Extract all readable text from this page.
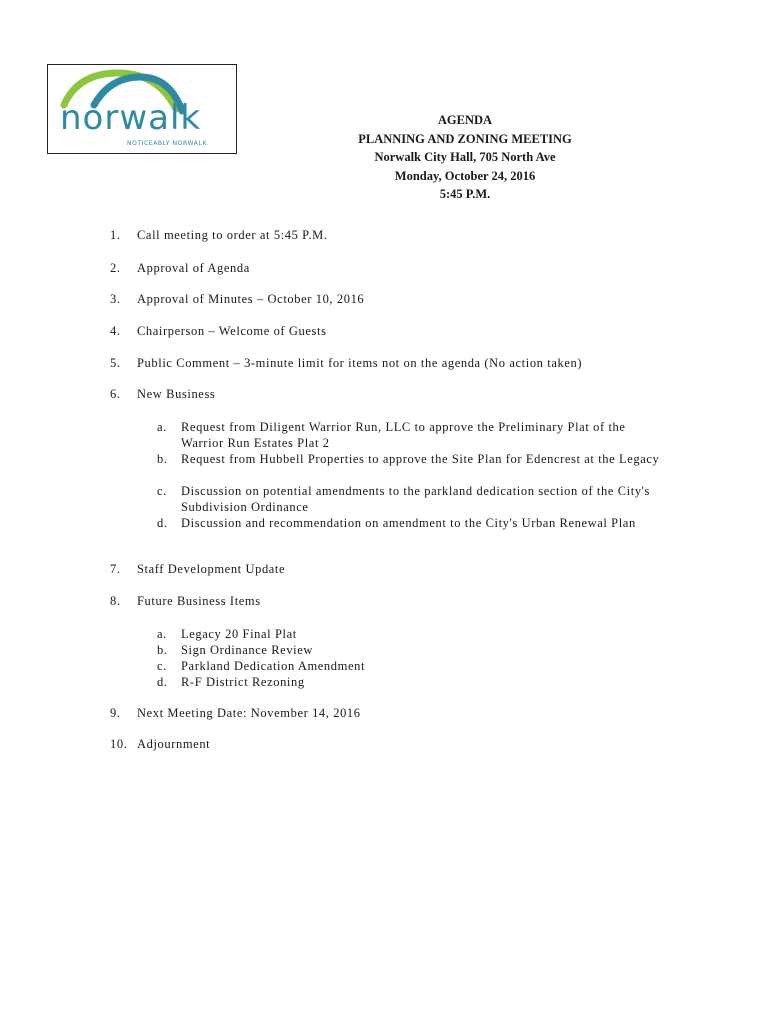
norwalk
NOTICEABLY NORWALK.
AGENDA
PLANNING AND ZONING MEETING
Norwalk City Hall, 705 North Ave
Monday, October 24, 2016
5:45 P.M.
1.	Call meeting to order at 5:45 P.M.
2.	Approval of Agenda
3.	Approval of Minutes – October 10, 2016
4.	Chairperson – Welcome of Guests
5.	Public Comment – 3-minute limit for items not on the agenda (No action taken)
6.	New Business
a.	Request from Diligent Warrior Run, LLC to approve the Preliminary Plat of the Warrior Run Estates Plat 2
b.	Request from Hubbell Properties to approve the Site Plan for Edencrest at the Legacy
c.	Discussion on potential amendments to the parkland dedication section of the City's Subdivision Ordinance
d.	Discussion and recommendation on amendment to the City's Urban Renewal Plan
7.	Staff Development Update
8.	Future Business Items
a.	Legacy 20 Final Plat
b.	Sign Ordinance Review
c.	Parkland Dedication Amendment
d.	R-F District Rezoning
9.	Next Meeting Date: November 14, 2016
10. Adjournment
